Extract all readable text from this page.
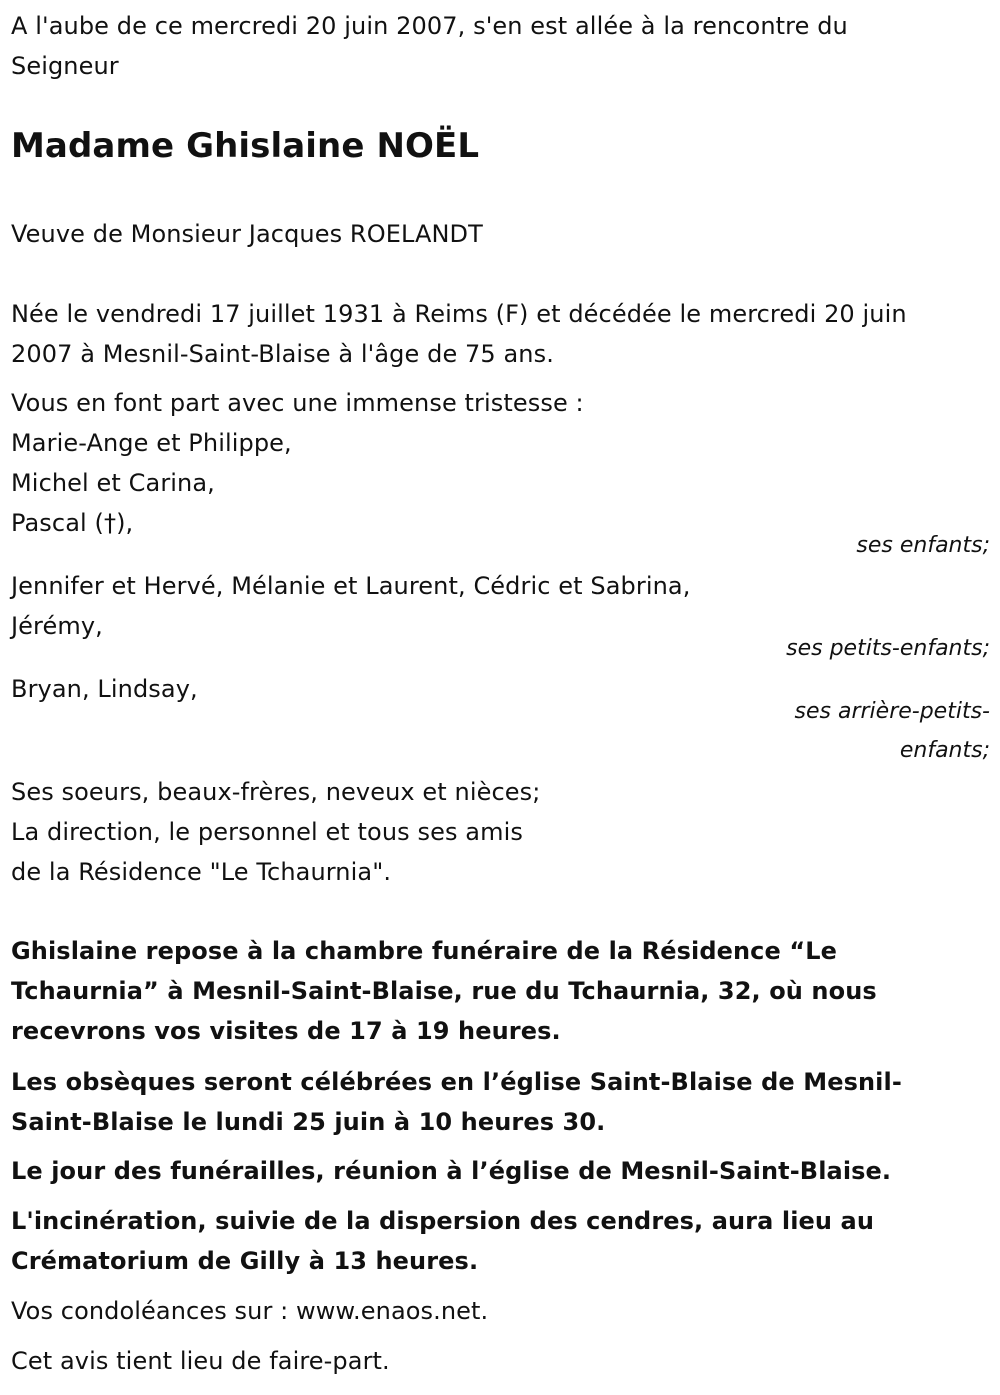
A l'aube de ce mercredi 20 juin 2007, s'en est allée à la rencontre du
Seigneur
Madame Ghislaine NOËL
Veuve de Monsieur Jacques ROELANDT
Née le vendredi 17 juillet 1931 à Reims (F) et décédée le mercredi 20 juin
2007 à Mesnil-Saint-Blaise à l'âge de 75 ans.
Vous en font part avec une immense tristesse :
Marie-Ange et Philippe,
Michel et Carina,
Pascal (†),
ses enfants;
Jennifer et Hervé, Mélanie et Laurent, Cédric et Sabrina,
Jérémy,
ses petits-enfants;
Bryan, Lindsay,
ses arrière-petits-
enfants;
Ses soeurs, beaux-frères, neveux et nièces;
La direction, le personnel et tous ses amis
de la Résidence "Le Tchaurnia".
Ghislaine repose à la chambre funéraire de la Résidence “Le
Tchaurnia” à Mesnil-Saint-Blaise, rue du Tchaurnia, 32, où nous
recevrons vos visites de 17 à 19 heures.
Les obsèques seront célébrées en l’église Saint-Blaise de Mesnil-
Saint-Blaise le lundi 25 juin à 10 heures 30.
Le jour des funérailles, réunion à l’église de Mesnil-Saint-Blaise.
L'incinération, suivie de la dispersion des cendres, aura lieu au
Crématorium de Gilly à 13 heures.
Vos condoléances sur : www.enaos.net.
Cet avis tient lieu de faire-part.
